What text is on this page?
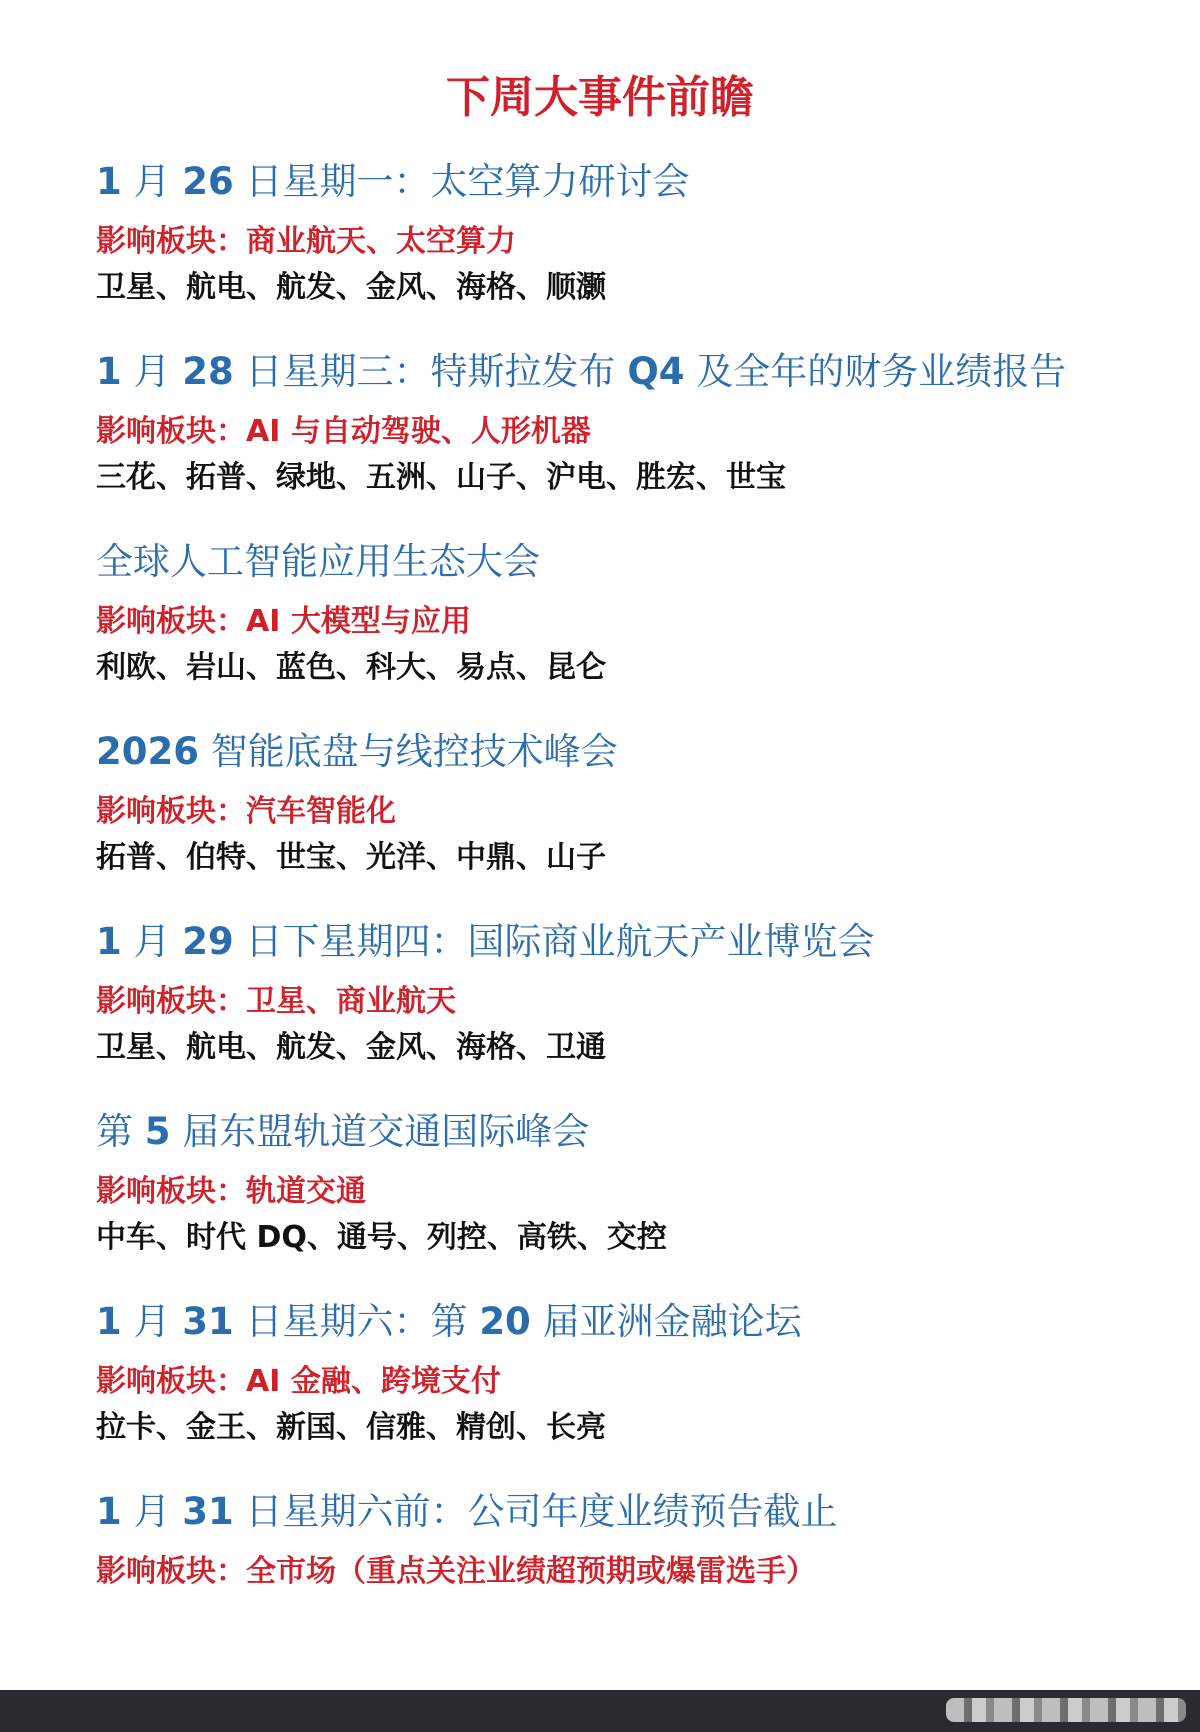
下周大事件前瞻
1 月 26 日星期一：太空算力研讨会
影响板块：商业航天、太空算力
卫星、航电、航发、金风、海格、顺灏
1 月 28 日星期三：特斯拉发布 Q4 及全年的财务业绩报告
影响板块：AI 与自动驾驶、人形机器
三花、拓普、绿地、五洲、山子、沪电、胜宏、世宝
全球人工智能应用生态大会
影响板块：AI 大模型与应用
利欧、岩山、蓝色、科大、易点、昆仑
2026 智能底盘与线控技术峰会
影响板块：汽车智能化
拓普、伯特、世宝、光洋、中鼎、山子
1 月 29 日下星期四：国际商业航天产业博览会
影响板块：卫星、商业航天
卫星、航电、航发、金风、海格、卫通
第 5 届东盟轨道交通国际峰会
影响板块：轨道交通
中车、时代 DQ、通号、列控、高铁、交控
1 月 31 日星期六：第 20 届亚洲金融论坛
影响板块：AI 金融、跨境支付
拉卡、金王、新国、信雅、精创、长亮
1 月 31 日星期六前：公司年度业绩预告截止
影响板块：全市场（重点关注业绩超预期或爆雷选手）
